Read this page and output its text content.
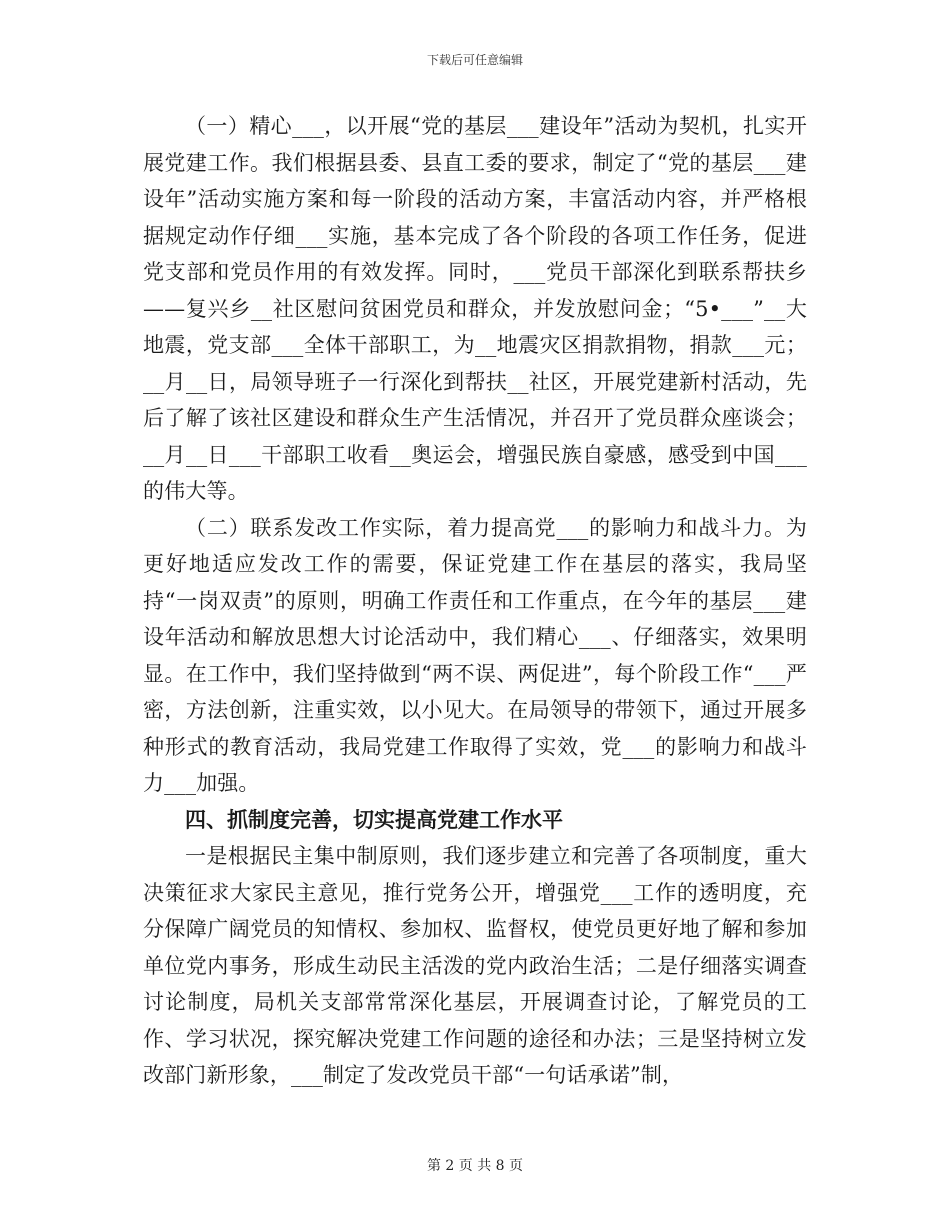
下载后可任意编辑

（一）精心___，以开展“党的基层___建设年”活动为契机，扎实开展党建工作。我们根据县委、县直工委的要求，制定了“党的基层___建设年”活动实施方案和每一阶段的活动方案，丰富活动内容，并严格根据规定动作仔细___实施，基本完成了各个阶段的各项工作任务，促进党支部和党员作用的有效发挥。同时，___党员干部深化到联系帮扶乡——复兴乡__社区慰问贫困党员和群众，并发放慰问金；“5•___”__大地震，党支部___全体干部职工，为__地震灾区捐款捐物，捐款___元；__月__日，局领导班子一行深化到帮扶__社区，开展党建新村活动，先后了解了该社区建设和群众生产生活情况，并召开了党员群众座谈会；__月__日___干部职工收看__奥运会，增强民族自豪感，感受到中国___的伟大等。

（二）联系发改工作实际，着力提高党___的影响力和战斗力。为更好地适应发改工作的需要，保证党建工作在基层的落实，我局坚持“一岗双责”的原则，明确工作责任和工作重点，在今年的基层___建设年活动和解放思想大讨论活动中，我们精心___、仔细落实，效果明显。在工作中，我们坚持做到“两不误、两促进”，每个阶段工作“___严密，方法创新，注重实效，以小见大。在局领导的带领下，通过开展多种形式的教育活动，我局党建工作取得了实效，党___的影响力和战斗力___加强。

四、抓制度完善，切实提高党建工作水平

一是根据民主集中制原则，我们逐步建立和完善了各项制度，重大决策征求大家民主意见，推行党务公开，增强党___工作的透明度，充分保障广阔党员的知情权、参加权、监督权，使党员更好地了解和参加单位党内事务，形成生动民主活泼的党内政治生活；二是仔细落实调查讨论制度，局机关支部常常深化基层，开展调查讨论，了解党员的工作、学习状况，探究解决党建工作问题的途径和办法；三是坚持树立发改部门新形象，___制定了发改党员干部“一句话承诺”制，

第 2 页 共 8 页
